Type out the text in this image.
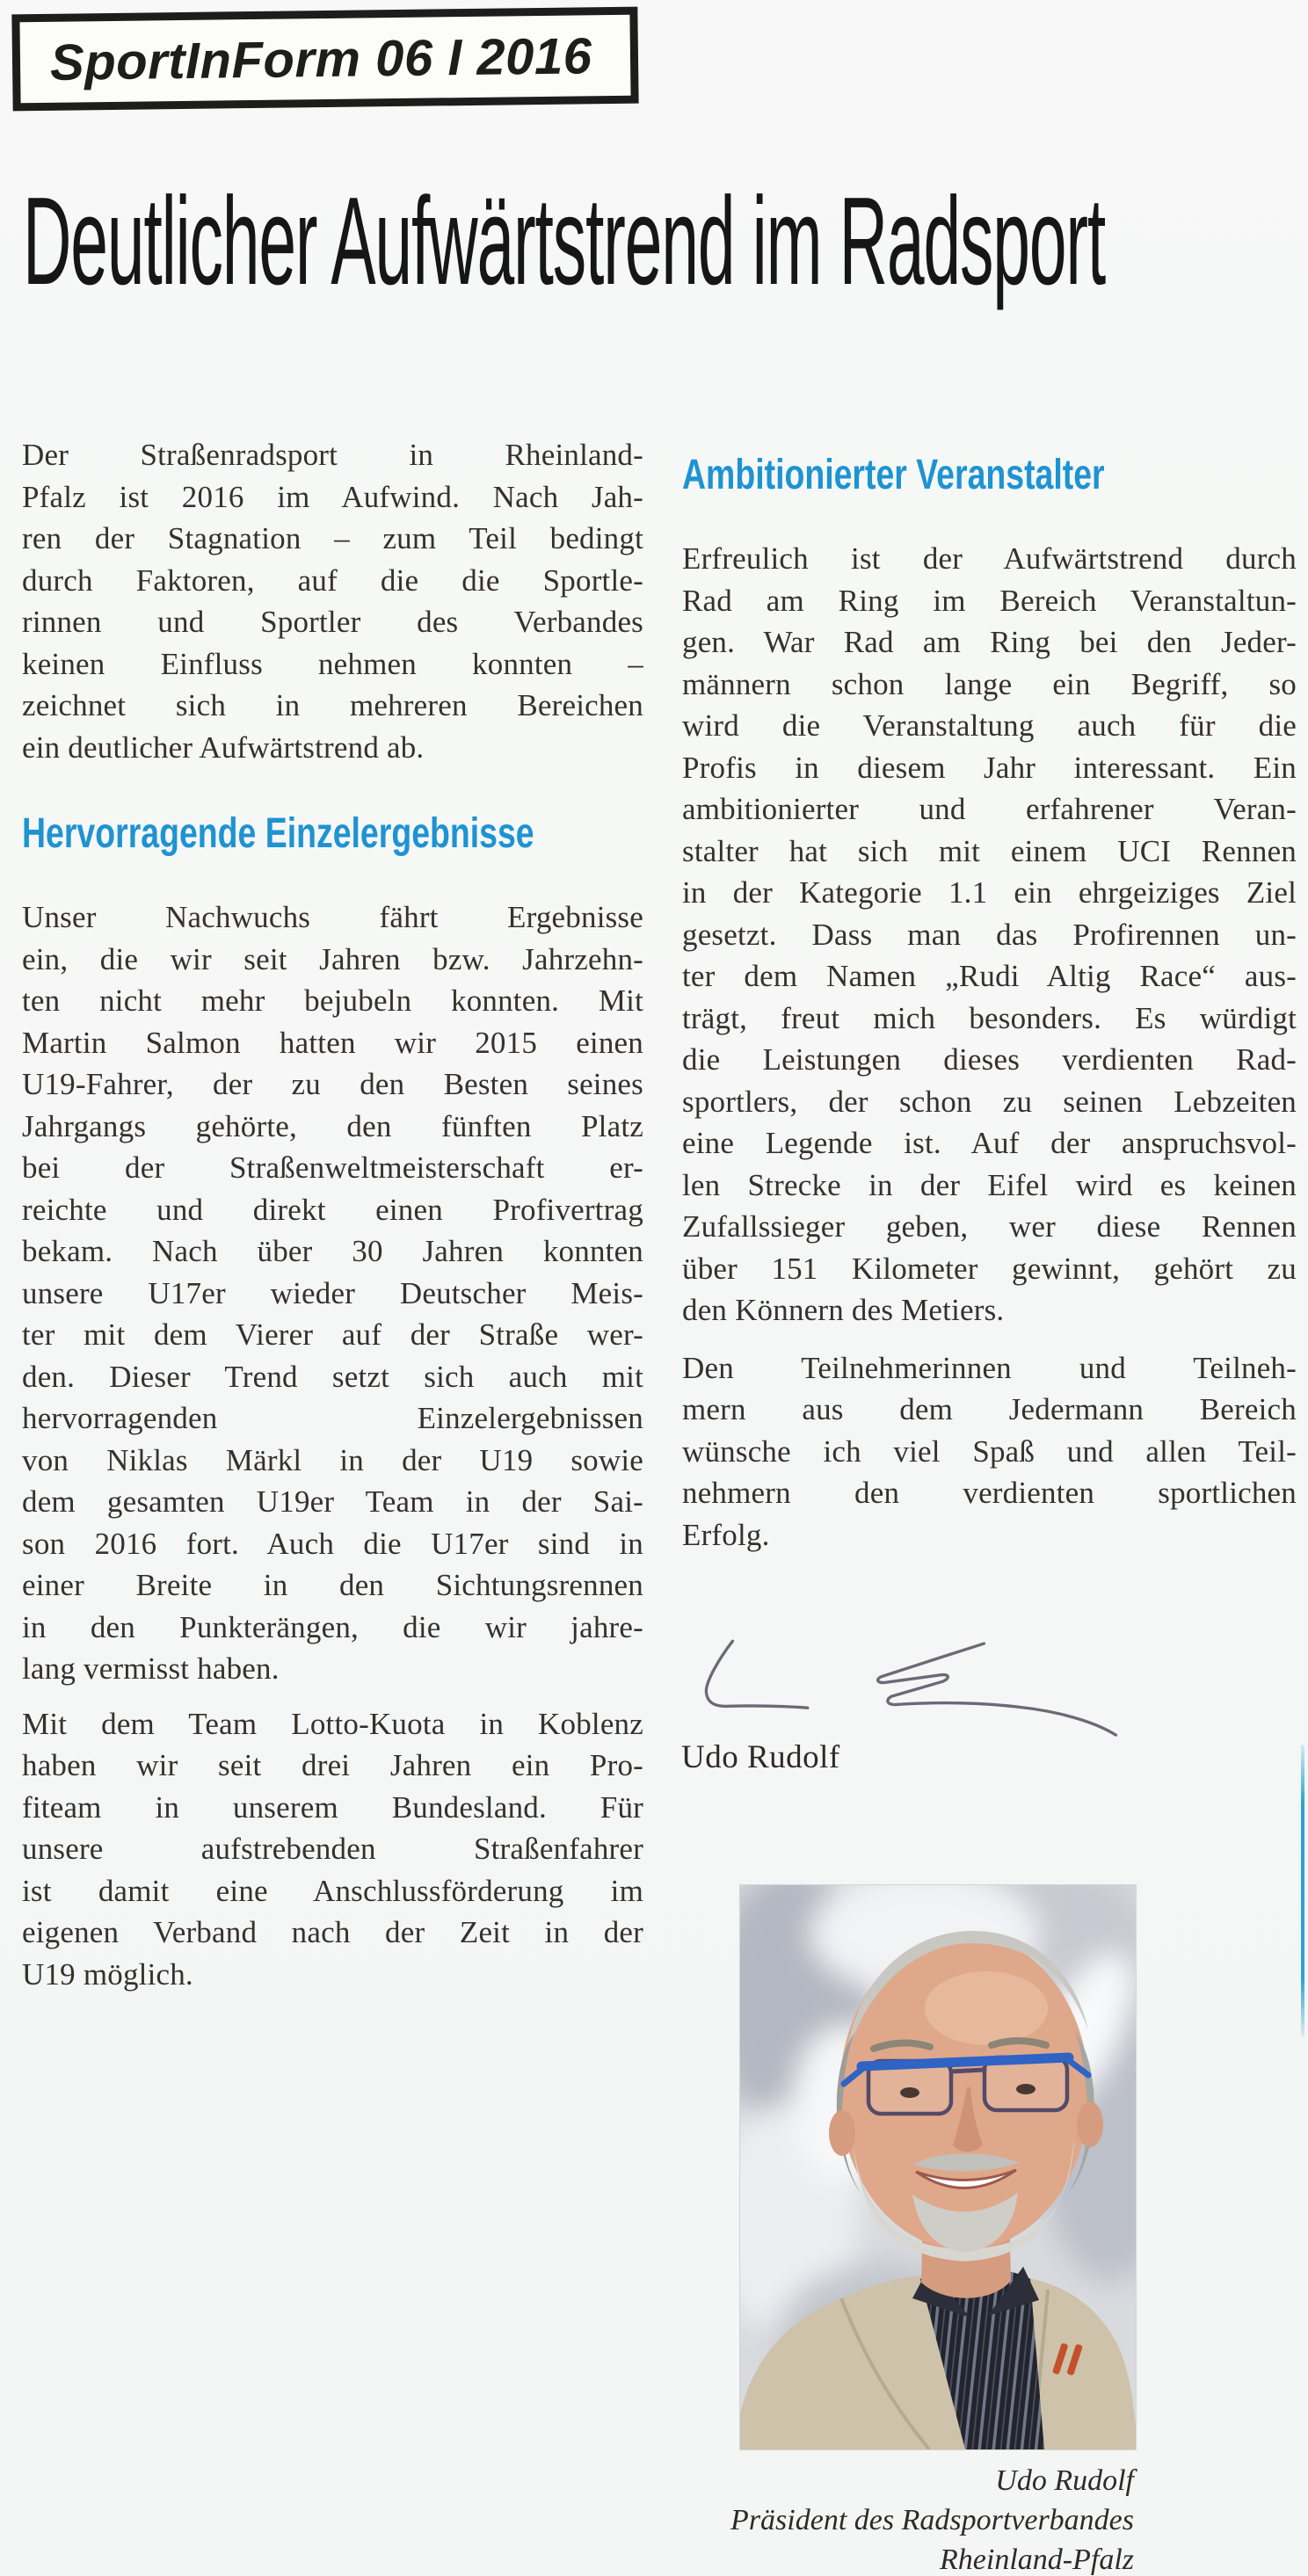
SportInForm 06 I 2016
Deutlicher Aufwärtstrend im Radsport
Der Straßenradsport in Rheinland-
Pfalz ist 2016 im Aufwind. Nach Jah-
ren der Stagnation – zum Teil bedingt
durch Faktoren, auf die die Sportle-
rinnen und Sportler des Verbandes
keinen Einfluss nehmen konnten –
zeichnet sich in mehreren Bereichen
ein deutlicher Aufwärtstrend ab.
Hervorragende Einzelergebnisse
Unser Nachwuchs fährt Ergebnisse
ein, die wir seit Jahren bzw. Jahrzehn-
ten nicht mehr bejubeln konnten. Mit
Martin Salmon hatten wir 2015 einen
U19-Fahrer, der zu den Besten seines
Jahrgangs gehörte, den fünften Platz
bei der Straßenweltmeisterschaft er-
reichte und direkt einen Profivertrag
bekam. Nach über 30 Jahren konnten
unsere U17er wieder Deutscher Meis-
ter mit dem Vierer auf der Straße wer-
den. Dieser Trend setzt sich auch mit
hervorragenden Einzelergebnissen
von Niklas Märkl in der U19 sowie
dem gesamten U19er Team in der Sai-
son 2016 fort. Auch die U17er sind in
einer Breite in den Sichtungsrennen
in den Punkterängen, die wir jahre-
lang vermisst haben.
Mit dem Team Lotto-Kuota in Koblenz
haben wir seit drei Jahren ein Pro-
fiteam in unserem Bundesland. Für
unsere aufstrebenden Straßenfahrer
ist damit eine Anschlussförderung im
eigenen Verband nach der Zeit in der
U19 möglich.
Ambitionierter Veranstalter
Erfreulich ist der Aufwärtstrend durch
Rad am Ring im Bereich Veranstaltun-
gen. War Rad am Ring bei den Jeder-
männern schon lange ein Begriff, so
wird die Veranstaltung auch für die
Profis in diesem Jahr interessant. Ein
ambitionierter und erfahrener Veran-
stalter hat sich mit einem UCI Rennen
in der Kategorie 1.1 ein ehrgeiziges Ziel
gesetzt. Dass man das Profirennen un-
ter dem Namen „Rudi Altig Race“ aus-
trägt, freut mich besonders. Es würdigt
die Leistungen dieses verdienten Rad-
sportlers, der schon zu seinen Lebzeiten
eine Legende ist. Auf der anspruchsvol-
len Strecke in der Eifel wird es keinen
Zufallssieger geben, wer diese Rennen
über 151 Kilometer gewinnt, gehört zu
den Könnern des Metiers.
Den Teilnehmerinnen und Teilneh-
mern aus dem Jedermann Bereich
wünsche ich viel Spaß und allen Teil-
nehmern den verdienten sportlichen
Erfolg.
Udo Rudolf
Udo Rudolf
Präsident des Radsportverbandes
Rheinland-Pfalz
